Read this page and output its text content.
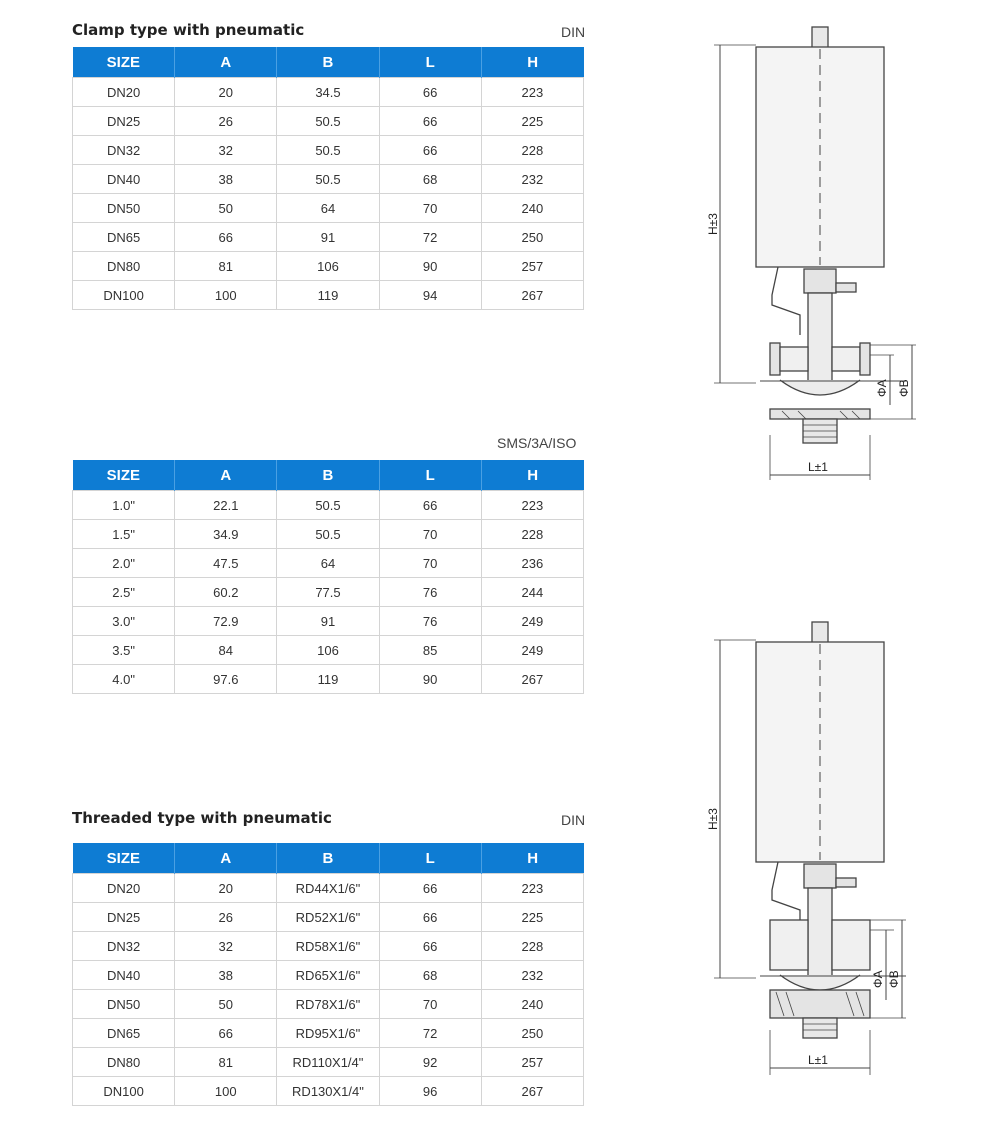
Clamp type with pneumatic	DIN
SIZE	A	B	L	H
DN20	20	34.5	66	223
DN25	26	50.5	66	225
DN32	32	50.5	66	228
DN40	38	50.5	68	232
DN50	50	64	70	240
DN65	66	91	72	250
DN80	81	106	90	257
DN100	100	119	94	267
SMS/3A/ISO
SIZE	A	B	L	H
1.0"	22.1	50.5	66	223
1.5"	34.9	50.5	70	228
2.0"	47.5	64	70	236
2.5"	60.2	77.5	76	244
3.0"	72.9	91	76	249
3.5"	84	106	85	249
4.0"	97.6	119	90	267
Threaded type with pneumatic	DIN
SIZE	A	B	L	H
DN20	20	RD44X1/6"	66	223
DN25	26	RD52X1/6"	66	225
DN32	32	RD58X1/6"	66	228
DN40	38	RD65X1/6"	68	232
DN50	50	RD78X1/6"	70	240
DN65	66	RD95X1/6"	72	250
DN80	81	RD110X1/4"	92	257
DN100	100	RD130X1/4"	96	267
H±3
ΦA ΦB
L±1
H±3
ΦA ΦB
L±1
